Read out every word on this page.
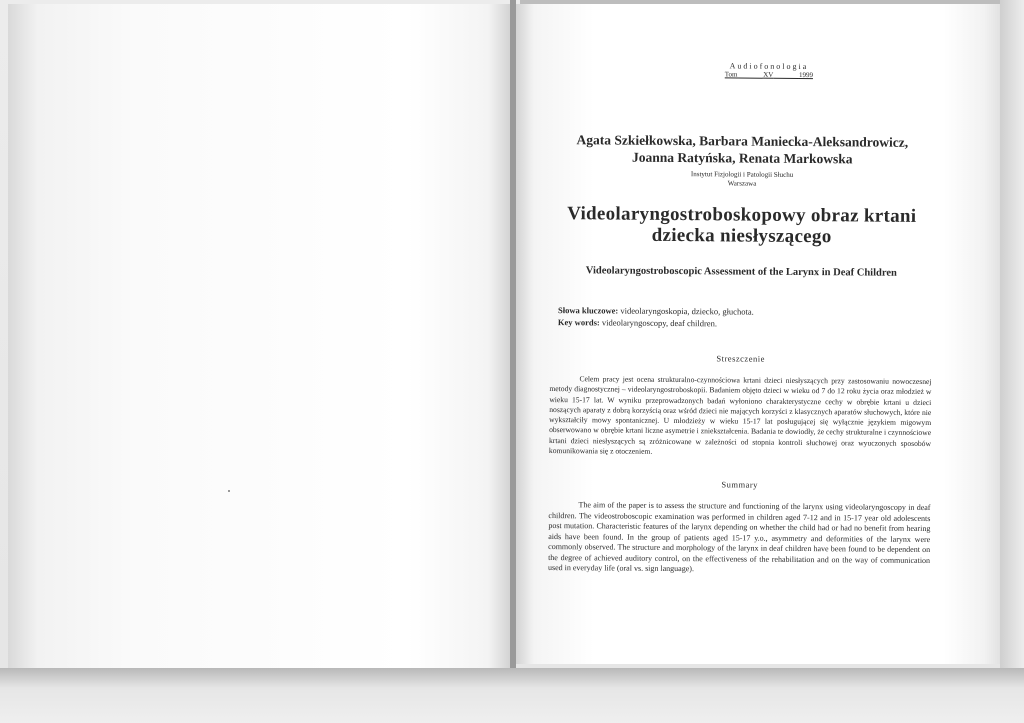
Audiofonologia
Tom XV	1999
Agata Szkiełkowska, Barbara Maniecka-Aleksandrowicz,
Joanna Ratyńska, Renata Markowska
Instytut Fizjologii i Patologii Słuchu
Warszawa
Videolaryngostroboskopowy obraz krtani
dziecka niesłyszącego
Videolaryngostroboscopic Assessment of the Larynx in Deaf Children
Słowa kluczowe: videolaryngoskopia, dziecko, głuchota.
Key words: videolaryngoscopy, deaf children.
Streszczenie
Celem pracy jest ocena strukturalno-czynnościowa krtani dzieci niesłyszących przy zastosowaniu nowoczesnej metody diagnostycznej – videolaryngostroboskopii. Badaniem objęto dzieci w wieku od 7 do 12 roku życia oraz młodzież w wieku 15-17 lat. W wyniku przeprowadzonych badań wyłoniono charakterystyczne cechy w obrębie krtani u dzieci noszących aparaty z dobrą korzyścią oraz wśród dzieci nie mających korzyści z klasycznych aparatów słuchowych, które nie wykształciły mowy spontanicznej. U młodzieży w wieku 15-17 lat posługującej się wyłącznie językiem migowym obserwowano w obrębie krtani liczne asymetrie i zniekształcenia. Badania te dowiodły, że cechy strukturalne i czynnościowe krtani dzieci niesłyszących są zróżnicowane w zależności od stopnia kontroli słuchowej oraz wyuczonych sposobów komunikowania się z otoczeniem.
Summary
The aim of the paper is to assess the structure and functioning of the larynx using videolaryngoscopy in deaf children. The videostroboscopic examination was performed in children aged 7-12 and in 15-17 year old adolescents post mutation. Characteristic features of the larynx depending on whether the child had or had no benefit from hearing aids have been found. In the group of patients aged 15-17 y.o., asymmetry and deformities of the larynx were commonly observed. The structure and morphology of the larynx in deaf children have been found to be dependent on the degree of achieved auditory control, on the effectiveness of the rehabilitation and on the way of communication used in everyday life (oral vs. sign language).
